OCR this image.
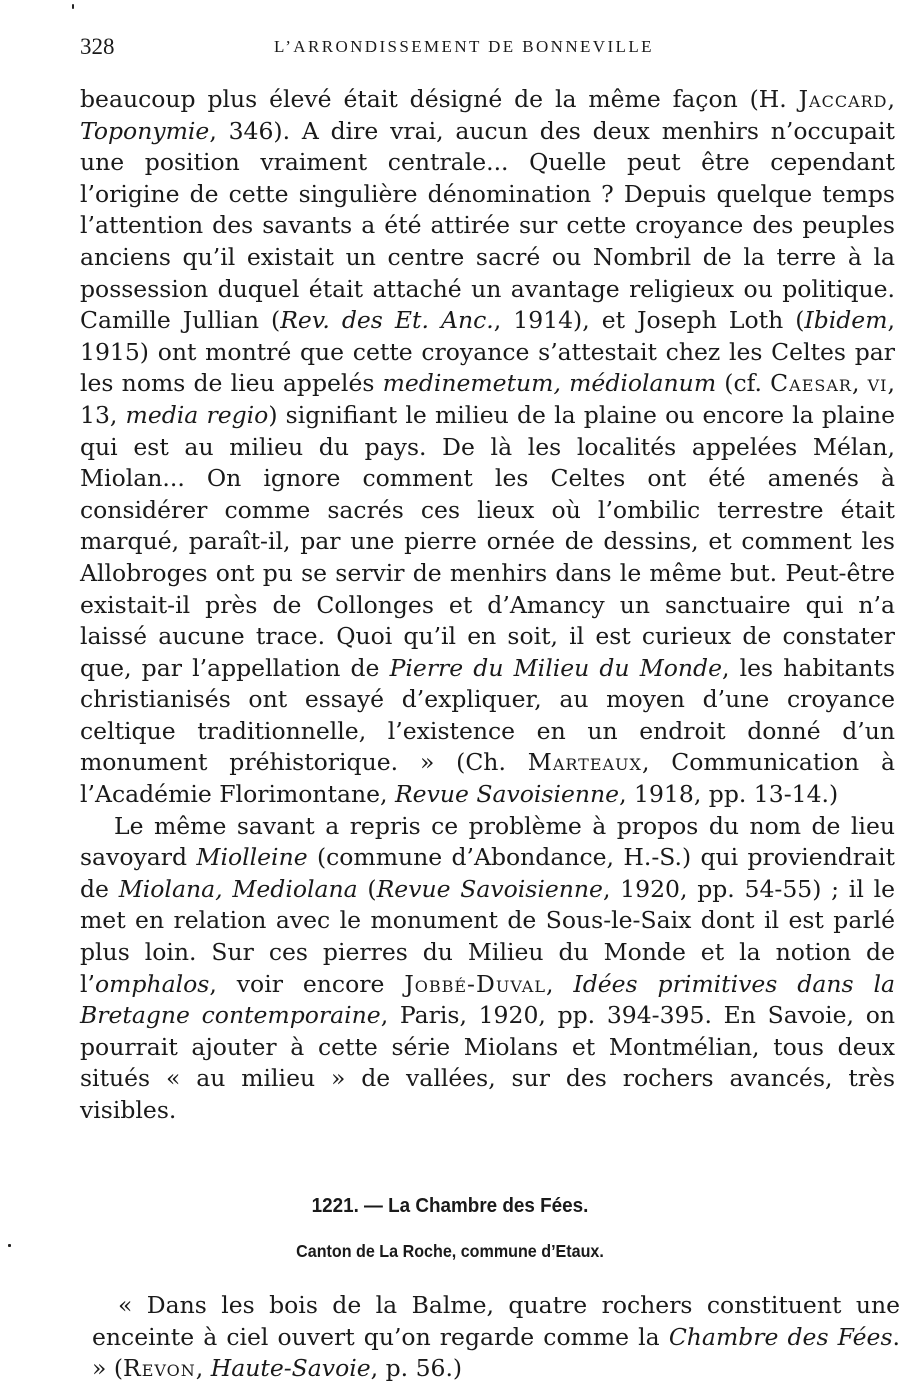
328	L’ARRONDISSEMENT DE BONNEVILLE

beaucoup plus élevé était désigné de la même façon (H. Jaccard, Toponymie, 346). A dire vrai, aucun des deux menhirs n’occupait une position vraiment centrale... Quelle peut être cependant l’origine de cette singulière dénomination ? Depuis quelque temps l’attention des savants a été attirée sur cette croyance des peuples anciens qu’il existait un centre sacré ou Nombril de la terre à la possession duquel était attaché un avantage religieux ou politique. Camille Jullian (Rev. des Et. Anc., 1914), et Joseph Loth (Ibidem, 1915) ont montré que cette croyance s’attestait chez les Celtes par les noms de lieu appelés medinemetum, médiolanum (cf. Caesar, vi, 13, media regio) signifiant le milieu de la plaine ou encore la plaine qui est au milieu du pays. De là les localités appelées Mélan, Miolan... On ignore comment les Celtes ont été amenés à considérer comme sacrés ces lieux où l’ombilic terrestre était marqué, paraît-il, par une pierre ornée de dessins, et comment les Allobroges ont pu se servir de menhirs dans le même but. Peut-être existait-il près de Collonges et d’Amancy un sanctuaire qui n’a laissé aucune trace. Quoi qu’il en soit, il est curieux de constater que, par l’appellation de Pierre du Milieu du Monde, les habitants christianisés ont essayé d’expliquer, au moyen d’une croyance celtique traditionnelle, l’existence en un endroit donné d’un monument préhistorique. » (Ch. Marteaux, Communication à l’Académie Florimontane, Revue Savoisienne, 1918, pp. 13-14.)

Le même savant a repris ce problème à propos du nom de lieu savoyard Miolleine (commune d’Abondance, H.-S.) qui proviendrait de Miolana, Mediolana (Revue Savoisienne, 1920, pp. 54-55) ; il le met en relation avec le monument de Sous-le-Saix dont il est parlé plus loin. Sur ces pierres du Milieu du Monde et la notion de l’omphalos, voir encore Jobbé-Duval, Idées primitives dans la Bretagne contemporaine, Paris, 1920, pp. 394-395. En Savoie, on pourrait ajouter à cette série Miolans et Montmélian, tous deux situés « au milieu » de vallées, sur des rochers avancés, très visibles.

1221. — La Chambre des Fées.
Canton de La Roche, commune d’Etaux.

« Dans les bois de la Balme, quatre rochers constituent une enceinte à ciel ouvert qu’on regarde comme la Chambre des Fées. » (Revon, Haute-Savoie, p. 56.)
